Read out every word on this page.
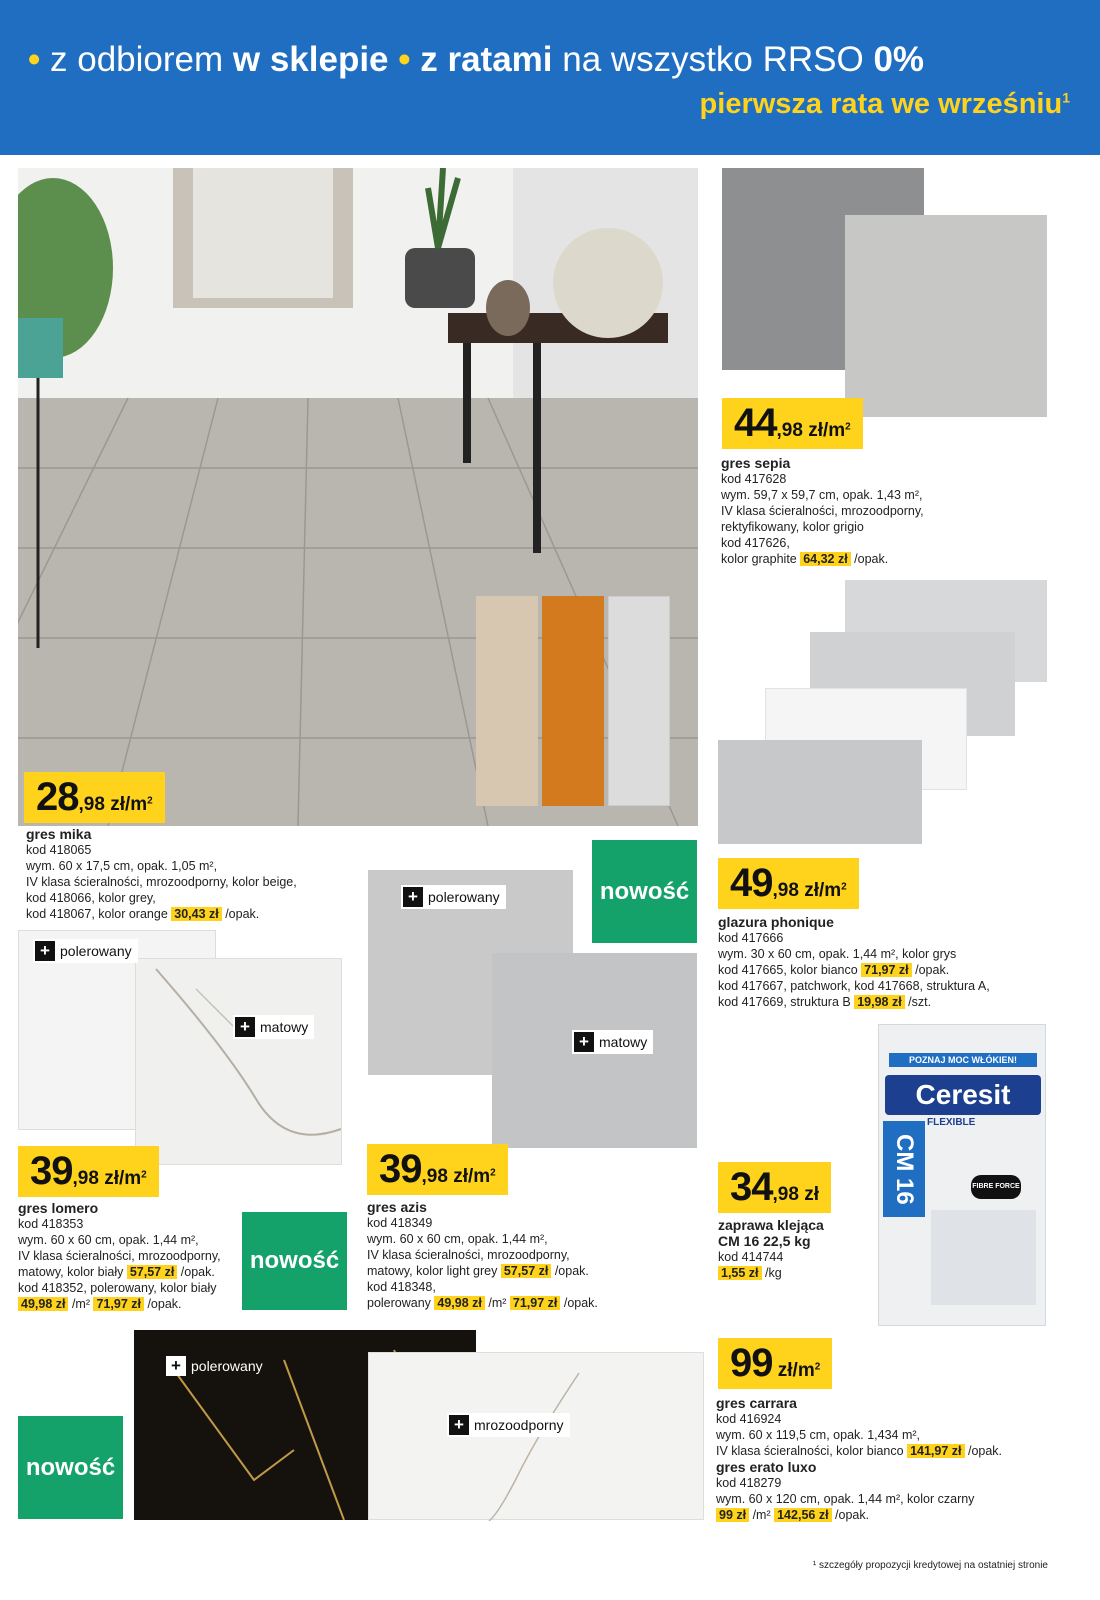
• z odbiorem w sklepie • z ratami na wszystko RRSO 0%
pierwsza rata we wrześniu$^1$
28,98 $zł/m^2$
gres mika
kod 418065
wym. 60 x 17,5 cm, opak. 1,05 m²,
IV klasa ścieralności, mrozoodporny, kolor beige,
kod 418066, kolor grey,
kod 418067, kolor orange 30,43 zł /opak.
44,98 $zł/m^2$
gres sepia
kod 417628
wym. 59,7 x 59,7 cm, opak. 1,43 m²,
IV klasa ścieralności, mrozoodporny,
rektyfikowany, kolor grigio
kod 417626,
kolor graphite 64,32 zł /opak.
49,98 $zł/m^2$
glazura phonique
kod 417666
wym. 30 x 60 cm, opak. 1,44 m², kolor grys
kod 417665, kolor bianco 71,97 zł /opak.
kod 417667, patchwork, kod 417668, struktura A,
kod 417669, struktura B 19,98 zł /szt.
+ polerowany
+ matowy
39,98 $zł/m^2$
gres lomero
kod 418353
wym. 60 x 60 cm, opak. 1,44 m²,
IV klasa ścieralności, mrozoodporny,
matowy, kolor biały 57,57 zł /opak.
kod 418352, polerowany, kolor biały
49,98 zł /m² 71,97 zł /opak.
nowość
+ polerowany
+ matowy
nowość
39,98 $zł/m^2$
gres azis
kod 418349
wym. 60 x 60 cm, opak. 1,44 m²,
IV klasa ścieralności, mrozoodporny,
matowy, kolor light grey 57,57 zł /opak.
kod 418348,
polerowany 49,98 zł /m² 71,97 zł /opak.
POZNAJ MOC WŁÓKIEN!
Ceresit
FLEXIBLE
CM 16	FIBRE FORCE
34,98 zł
zaprawa klejąca
CM 16 22,5 kg
kod 414744
1,55 zł /kg
+ polerowany
+ mrozoodporny
nowość
99 $zł/m^2$
gres carrara
kod 416924
wym. 60 x 119,5 cm, opak. 1,434 m²,
IV klasa ścieralności, kolor bianco 141,97 zł /opak.
gres erato luxo
kod 418279
wym. 60 x 120 cm, opak. 1,44 m², kolor czarny
99 zł /m² 142,56 zł /opak.
¹ szczegóły propozycji kredytowej na ostatniej stronie
